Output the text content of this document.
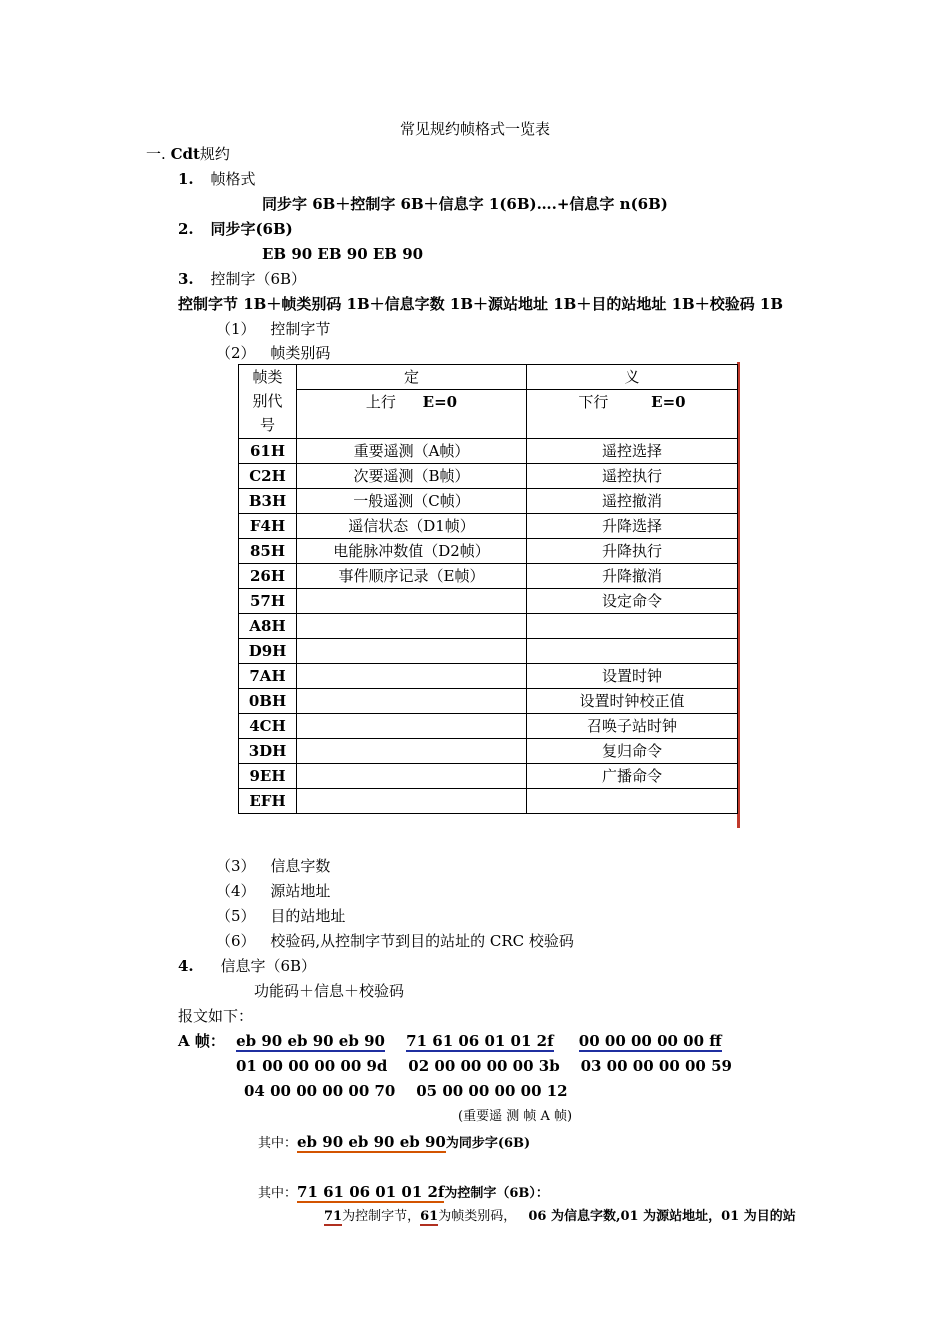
常见规约帧格式一览表
一. Cdt规约
1. 帧格式
同步字 6B＋控制字 6B＋信息字 1(6B)….+信息字 n(6B)
2. 同步字(6B)
EB 90 EB 90 EB 90
3. 控制字（6B）
控制字节 1B＋帧类别码 1B＋信息字数 1B＋源站地址 1B＋目的站地址 1B＋校验码 1B
（1） 控制字节
（2） 帧类别码
帧类
别代
号	定	义
	上行 E=0	下行 E=0
61H	重要遥测（A帧）	遥控选择
C2H	次要遥测（B帧）	遥控执行
B3H	一般遥测（C帧）	遥控撤消
F4H	遥信状态（D1帧）	升降选择
85H	电能脉冲数值（D2帧）	升降执行
26H	事件顺序记录（E帧）	升降撤消
57H		设定命令
A8H		
D9H		
7AH		设置时钟
0BH		设置时钟校正值
4CH		召唤子站时钟
3DH		复归命令
9EH		广播命令
EFH		
（3） 信息字数
（4） 源站地址
（5） 目的站地址
（6） 校验码,从控制字节到目的站址的 CRC 校验码
4. 信息字（6B）
功能码＋信息＋校验码
报文如下：
A 帧： eb 90 eb 90 eb 90 71 61 06 01 01 2f 00 00 00 00 00 ff
01 00 00 00 00 9d    02 00 00 00 00 3b    03 00 00 00 00 59
04 00 00 00 00 70    05 00 00 00 00 12
(重要遥 测 帧 A 帧)
其中：eb 90 eb 90 eb 90为同步字(6B)
其中：71 61 06 01 01 2f为控制字（6B）：
71为控制字节，61为帧类别码， 06 为信息字数,01 为源站地址，01 为目的站
